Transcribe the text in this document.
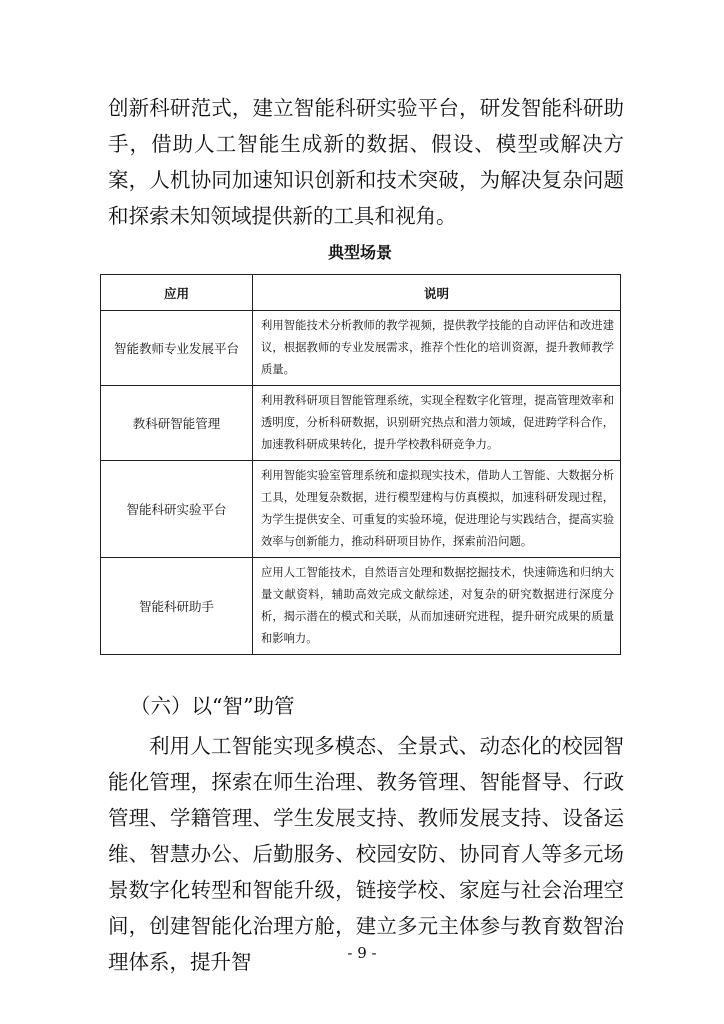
创新科研范式，建立智能科研实验平台，研发智能科研助手，借助人工智能生成新的数据、假设、模型或解决方案，人机协同加速知识创新和技术突破，为解决复杂问题和探索未知领域提供新的工具和视角。

典型场景
应用	说明
智能教师专业发展平台	利用智能技术分析教师的教学视频，提供教学技能的自动评估和改进建议，根据教师的专业发展需求，推荐个性化的培训资源，提升教师教学质量。
教科研智能管理	利用教科研项目智能管理系统，实现全程数字化管理，提高管理效率和透明度，分析科研数据，识别研究热点和潜力领域，促进跨学科合作，加速教科研成果转化，提升学校教科研竞争力。
智能科研实验平台	利用智能实验室管理系统和虚拟现实技术，借助人工智能、大数据分析工具，处理复杂数据，进行模型建构与仿真模拟，加速科研发现过程，为学生提供安全、可重复的实验环境，促进理论与实践结合，提高实验效率与创新能力，推动科研项目协作，探索前沿问题。
智能科研助手	应用人工智能技术，自然语言处理和数据挖掘技术，快速筛选和归纳大量文献资料，辅助高效完成文献综述，对复杂的研究数据进行深度分析，揭示潜在的模式和关联，从而加速研究进程，提升研究成果的质量和影响力。

（六）以“智”助管

利用人工智能实现多模态、全景式、动态化的校园智能化管理，探索在师生治理、教务管理、智能督导、行政管理、学籍管理、学生发展支持、教师发展支持、设备运维、智慧办公、后勤服务、校园安防、协同育人等多元场景数字化转型和智能升级，链接学校、家庭与社会治理空间，创建智能化治理方舱，建立多元主体参与教育数智治理体系，提升智	- 9 -
